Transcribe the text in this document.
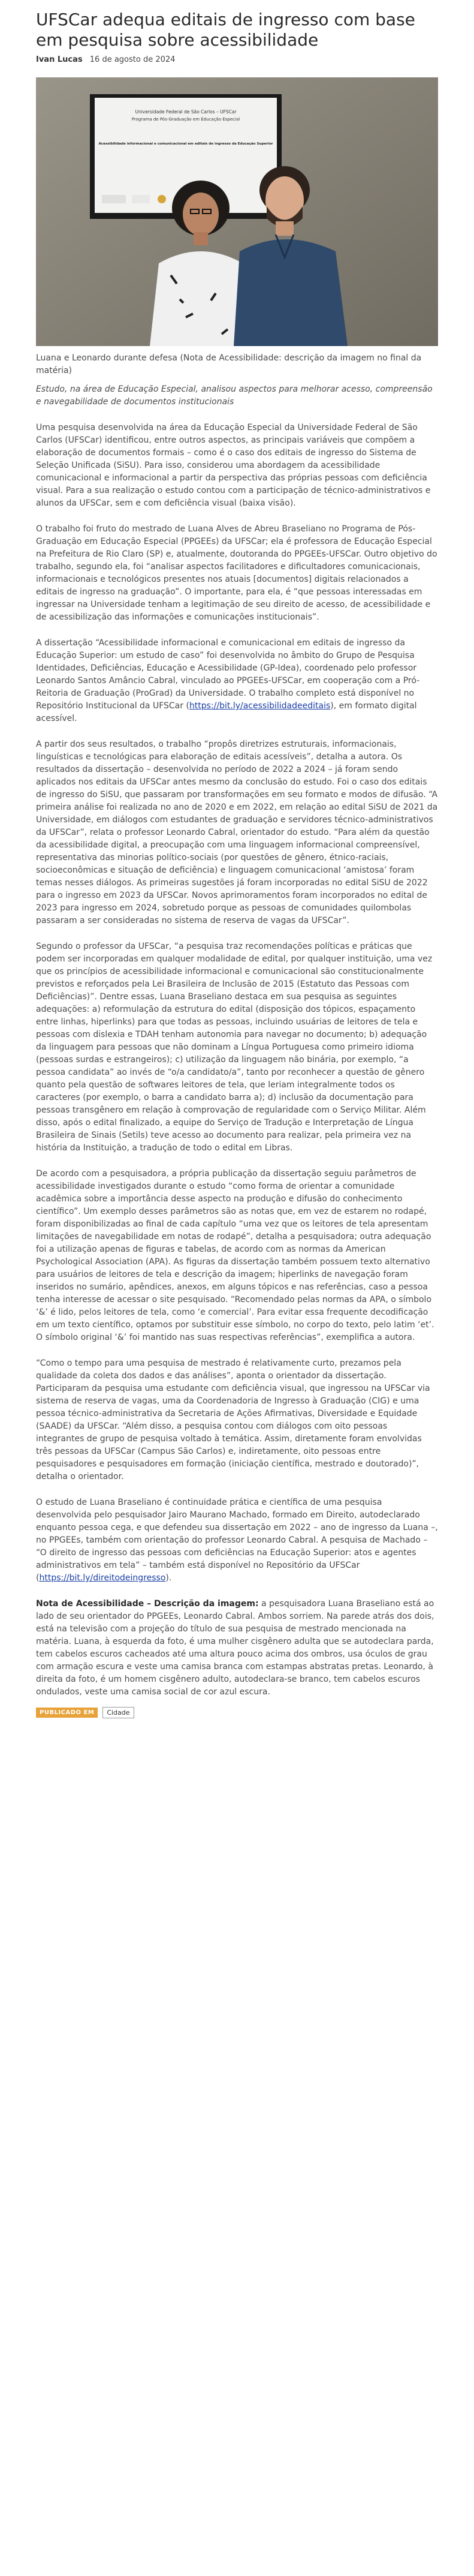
UFSCar adequa editais de ingresso com base em pesquisa sobre acessibilidade
Ivan Lucas 16 de agosto de 2024
Universidade Federal de São Carlos – UFSCar
Programa de Pós-Graduação em Educação Especial
Acessibilidade informacional e comunicacional em editais de ingresso da Educação Superior

Luana e Leonardo durante defesa (Nota de Acessibilidade: descrição da imagem no final da matéria)

Estudo, na área de Educação Especial, analisou aspectos para melhorar acesso, compreensão e navegabilidade de documentos institucionais

Uma pesquisa desenvolvida na área da Educação Especial da Universidade Federal de São Carlos (UFSCar) identificou, entre outros aspectos, as principais variáveis que compõem a elaboração de documentos formais – como é o caso dos editais de ingresso do Sistema de Seleção Unificada (SiSU). Para isso, considerou uma abordagem da acessibilidade comunicacional e informacional a partir da perspectiva das próprias pessoas com deficiência visual. Para a sua realização o estudo contou com a participação de técnico-administrativos e alunos da UFSCar, sem e com deficiência visual (baixa visão).

O trabalho foi fruto do mestrado de Luana Alves de Abreu Braseliano no Programa de Pós-Graduação em Educação Especial (PPGEEs) da UFSCar; ela é professora de Educação Especial na Prefeitura de Rio Claro (SP) e, atualmente, doutoranda do PPGEEs-UFSCar. Outro objetivo do trabalho, segundo ela, foi “analisar aspectos facilitadores e dificultadores comunicacionais, informacionais e tecnológicos presentes nos atuais [documentos] digitais relacionados a editais de ingresso na graduação”. O importante, para ela, é “que pessoas interessadas em ingressar na Universidade tenham a legitimação de seu direito de acesso, de acessibilidade e de acessibilização das informações e comunicações institucionais”.

A dissertação “Acessibilidade informacional e comunicacional em editais de ingresso da Educação Superior: um estudo de caso” foi desenvolvida no âmbito do Grupo de Pesquisa Identidades, Deficiências, Educação e Acessibilidade (GP-Idea), coordenado pelo professor Leonardo Santos Amâncio Cabral, vinculado ao PPGEEs-UFSCar, em cooperação com a Pró-Reitoria de Graduação (ProGrad) da Universidade. O trabalho completo está disponível no Repositório Institucional da UFSCar (https://bit.ly/acessibilidadeeditais), em formato digital acessível.

A partir dos seus resultados, o trabalho “propôs diretrizes estruturais, informacionais, linguísticas e tecnológicas para elaboração de editais acessíveis”, detalha a autora. Os resultados da dissertação – desenvolvida no período de 2022 a 2024 – já foram sendo aplicados nos editais da UFSCar antes mesmo da conclusão do estudo. Foi o caso dos editais de ingresso do SiSU, que passaram por transformações em seu formato e modos de difusão. “A primeira análise foi realizada no ano de 2020 e em 2022, em relação ao edital SiSU de 2021 da Universidade, em diálogos com estudantes de graduação e servidores técnico-administrativos da UFSCar”, relata o professor Leonardo Cabral, orientador do estudo. “Para além da questão da acessibilidade digital, a preocupação com uma linguagem informacional compreensível, representativa das minorias político-sociais (por questões de gênero, étnico-raciais, socioeconômicas e situação de deficiência) e linguagem comunicacional ‘amistosa’ foram temas nesses diálogos. As primeiras sugestões já foram incorporadas no edital SiSU de 2022 para o ingresso em 2023 da UFSCar. Novos aprimoramentos foram incorporados no edital de 2023 para ingresso em 2024, sobretudo porque as pessoas de comunidades quilombolas passaram a ser consideradas no sistema de reserva de vagas da UFSCar”.

Segundo o professor da UFSCar, “a pesquisa traz recomendações políticas e práticas que podem ser incorporadas em qualquer modalidade de edital, por qualquer instituição, uma vez que os princípios de acessibilidade informacional e comunicacional são constitucionalmente previstos e reforçados pela Lei Brasileira de Inclusão de 2015 (Estatuto das Pessoas com Deficiências)”. Dentre essas, Luana Braseliano destaca em sua pesquisa as seguintes adequações: a) reformulação da estrutura do edital (disposição dos tópicos, espaçamento entre linhas, hiperlinks) para que todas as pessoas, incluindo usuárias de leitores de tela e pessoas com dislexia e TDAH tenham autonomia para navegar no documento; b) adequação da linguagem para pessoas que não dominam a Língua Portuguesa como primeiro idioma (pessoas surdas e estrangeiros); c) utilização da linguagem não binária, por exemplo, “a pessoa candidata” ao invés de “o/a candidato/a”, tanto por reconhecer a questão de gênero quanto pela questão de softwares leitores de tela, que leriam integralmente todos os caracteres (por exemplo, o barra a candidato barra a); d) inclusão da documentação para pessoas transgênero em relação à comprovação de regularidade com o Serviço Militar. Além disso, após o edital finalizado, a equipe do Serviço de Tradução e Interpretação de Língua Brasileira de Sinais (Setils) teve acesso ao documento para realizar, pela primeira vez na história da Instituição, a tradução de todo o edital em Libras.

De acordo com a pesquisadora, a própria publicação da dissertação seguiu parâmetros de acessibilidade investigados durante o estudo “como forma de orientar a comunidade acadêmica sobre a importância desse aspecto na produção e difusão do conhecimento científico”. Um exemplo desses parâmetros são as notas que, em vez de estarem no rodapé, foram disponibilizadas ao final de cada capítulo “uma vez que os leitores de tela apresentam limitações de navegabilidade em notas de rodapé”, detalha a pesquisadora; outra adequação foi a utilização apenas de figuras e tabelas, de acordo com as normas da American Psychological Association (APA). As figuras da dissertação também possuem texto alternativo para usuários de leitores de tela e descrição da imagem; hiperlinks de navegação foram inseridos no sumário, apêndices, anexos, em alguns tópicos e nas referências, caso a pessoa tenha interesse de acessar o site pesquisado. “Recomendado pelas normas da APA, o símbolo ‘&’ é lido, pelos leitores de tela, como ‘e comercial’. Para evitar essa frequente decodificação em um texto científico, optamos por substituir esse símbolo, no corpo do texto, pelo latim ‘et’. O símbolo original ‘&’ foi mantido nas suas respectivas referências”, exemplifica a autora.

“Como o tempo para uma pesquisa de mestrado é relativamente curto, prezamos pela qualidade da coleta dos dados e das análises”, aponta o orientador da dissertação. Participaram da pesquisa uma estudante com deficiência visual, que ingressou na UFSCar via sistema de reserva de vagas, uma da Coordenadoria de Ingresso à Graduação (CIG) e uma pessoa técnico-administrativa da Secretaria de Ações Afirmativas, Diversidade e Equidade (SAADE) da UFSCar. “Além disso, a pesquisa contou com diálogos com oito pessoas integrantes de grupo de pesquisa voltado à temática. Assim, diretamente foram envolvidas três pessoas da UFSCar (Campus São Carlos) e, indiretamente, oito pessoas entre pesquisadores e pesquisadores em formação (iniciação científica, mestrado e doutorado)”, detalha o orientador.

O estudo de Luana Braseliano é continuidade prática e científica de uma pesquisa desenvolvida pelo pesquisador Jairo Maurano Machado, formado em Direito, autodeclarado enquanto pessoa cega, e que defendeu sua dissertação em 2022 – ano de ingresso da Luana –, no PPGEEs, também com orientação do professor Leonardo Cabral. A pesquisa de Machado – “O direito de ingresso das pessoas com deficiências na Educação Superior: atos e agentes administrativos em tela” – também está disponível no Repositório da UFSCar (https://bit.ly/direitodeingresso).

Nota de Acessibilidade – Descrição da imagem: a pesquisadora Luana Braseliano está ao lado de seu orientador do PPGEEs, Leonardo Cabral. Ambos sorriem. Na parede atrás dos dois, está na televisão com a projeção do título de sua pesquisa de mestrado mencionada na matéria. Luana, à esquerda da foto, é uma mulher cisgênero adulta que se autodeclara parda, tem cabelos escuros cacheados até uma altura pouco acima dos ombros, usa óculos de grau com armação escura e veste uma camisa branca com estampas abstratas pretas. Leonardo, à direita da foto, é um homem cisgênero adulto, autodeclara-se branco, tem cabelos escuros ondulados, veste uma camisa social de cor azul escura.

PUBLICADO EM	Cidade
